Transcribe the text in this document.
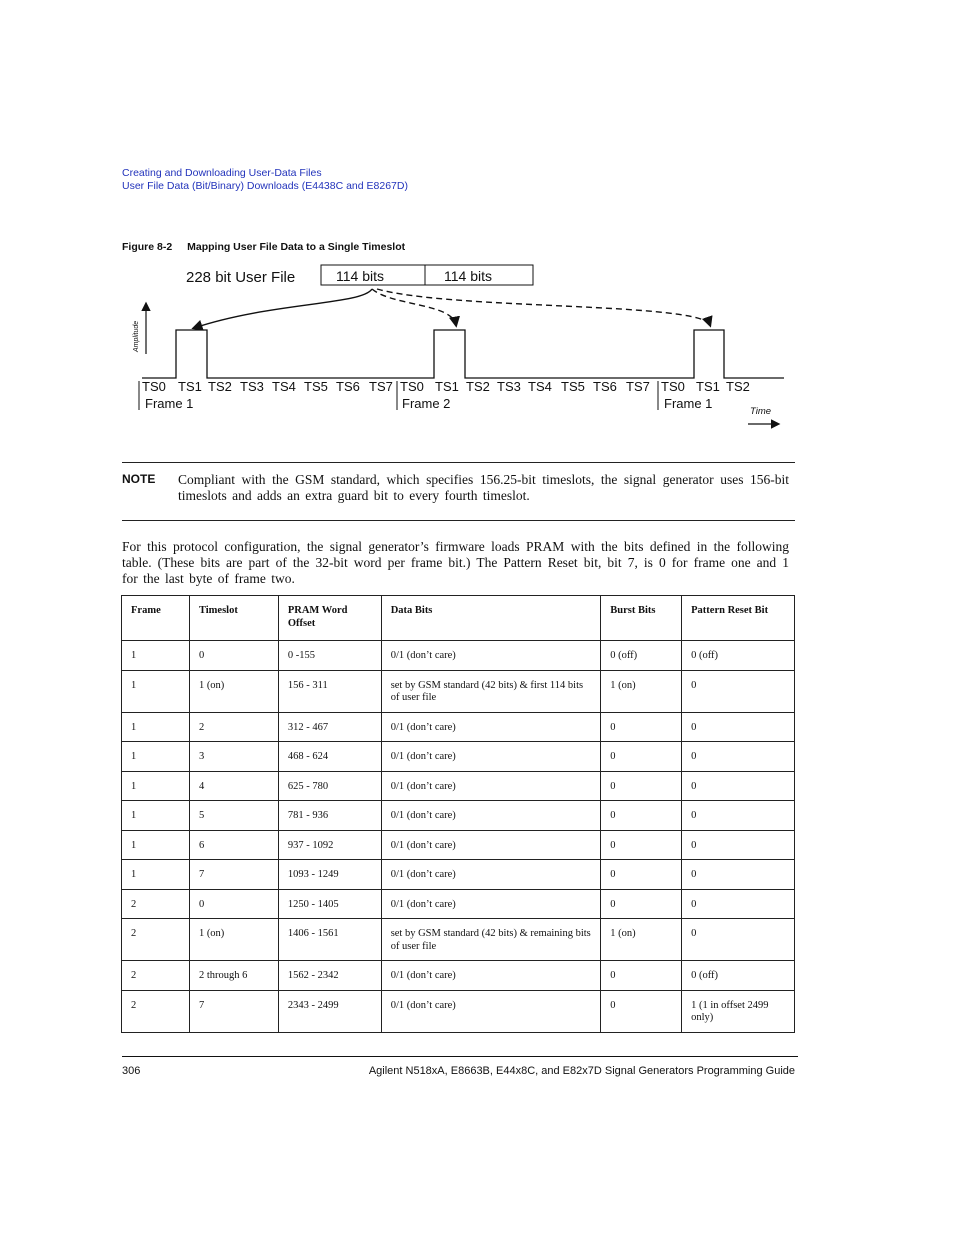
Creating and Downloading User-Data Files
User File Data (Bit/Binary) Downloads (E4438C and E8267D)
Figure 8-2 Mapping User File Data to a Single Timeslot
228 bit User File	114 bits	114 bits
Amplitude
TS0 TS1 TS2 TS3 TS4 TS5 TS6 TS7 TS0 TS1 TS2 TS3 TS4 TS5 TS6 TS7 TS0 TS1 TS2
Frame 1	Frame 2	Frame 1
Time
NOTE Compliant with the GSM standard, which specifies 156.25-bit timeslots, the signal generator uses 156-bit timeslots and adds an extra guard bit to every fourth timeslot.
For this protocol configuration, the signal generator’s firmware loads PRAM with the bits defined in the following table. (These bits are part of the 32-bit word per frame bit.) The Pattern Reset bit, bit 7, is 0 for frame one and 1 for the last byte of frame two.
Frame	Timeslot	PRAM Word Offset	Data Bits	Burst Bits	Pattern Reset Bit
1	0	0 -155	0/1 (don’t care)	0 (off)	0 (off)
1	1 (on)	156 - 311	set by GSM standard (42 bits) & first 114 bits of user file	1 (on)	0
1	2	312 - 467	0/1 (don’t care)	0	0
1	3	468 - 624	0/1 (don’t care)	0	0
1	4	625 - 780	0/1 (don’t care)	0	0
1	5	781 - 936	0/1 (don’t care)	0	0
1	6	937 - 1092	0/1 (don’t care)	0	0
1	7	1093 - 1249	0/1 (don’t care)	0	0
2	0	1250 - 1405	0/1 (don’t care)	0	0
2	1 (on)	1406 - 1561	set by GSM standard (42 bits) & remaining bits of user file	1 (on)	0
2	2 through 6	1562 - 2342	0/1 (don’t care)	0	0 (off)
2	7	2343 - 2499	0/1 (don’t care)	0	1 (1 in offset 2499 only)
306	Agilent N518xA, E8663B, E44x8C, and E82x7D Signal Generators Programming Guide
